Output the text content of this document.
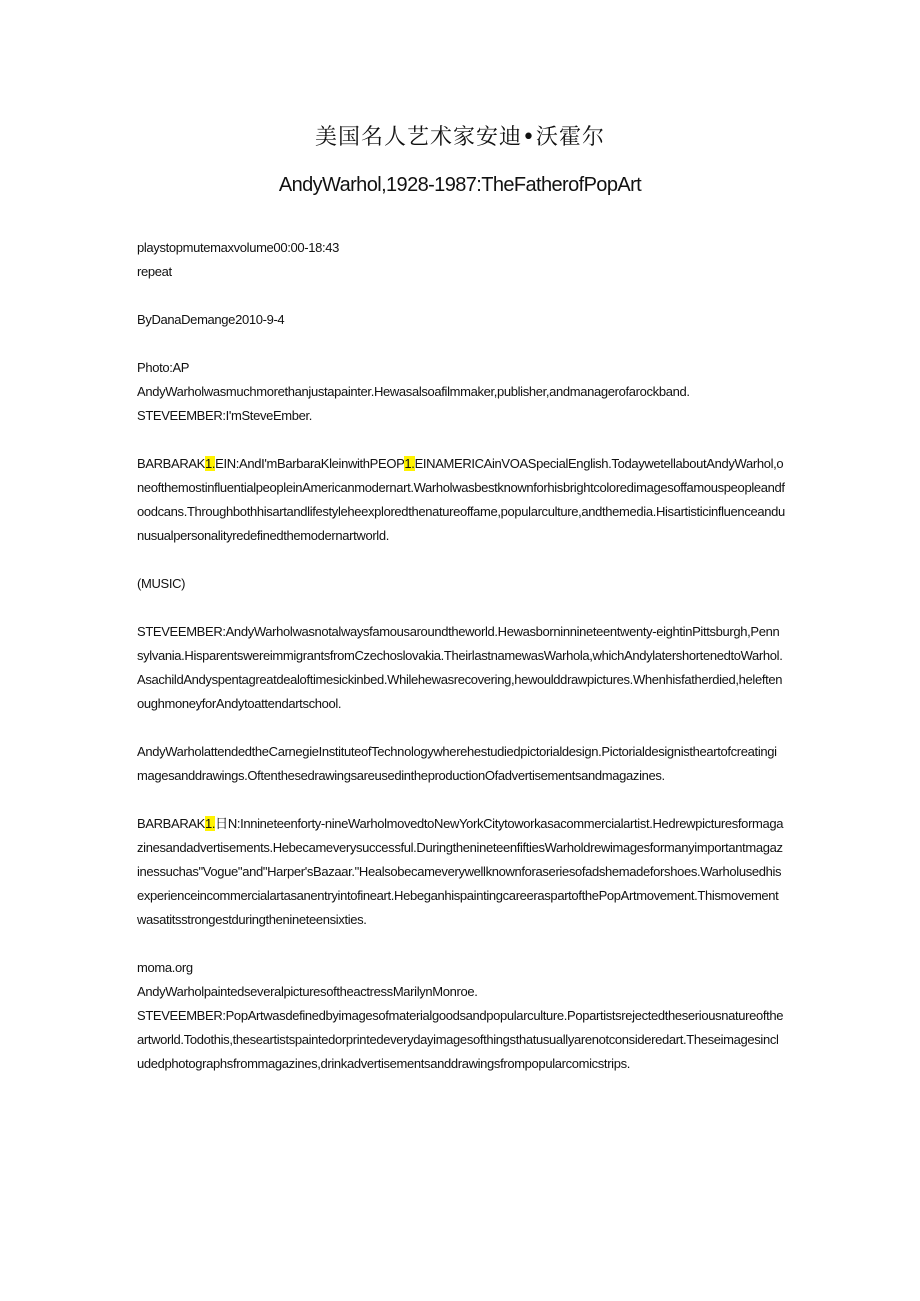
美国名人艺术家安迪•沃霍尔
AndyWarhol,1928-1987:TheFatherofPopArt

playstopmutemaxvolume00:00-18:43
repeat

ByDanaDemange2010-9-4

Photo:AP

AndyWarholwasmuchmorethanjustapainter.Hewasalsoafilmmaker,publisher,andmanagerofarockband.

STEVEEMBER:I'mSteveEmber.

BARBARAK1.EIN:AndI'mBarbaraKleinwithPEOP1.EINAMERICAinVOASpecialEnglish.TodaywetellaboutAndyWarhol,oneofthemostinfluentialpeopleinAmericanmodernart.Warholwasbestknownforhisbrightcoloredimagesoffamouspeopleandfoodcans.Throughbothhisartandlifestyleheexploredthenatureoffame,popularculture,andthemedia.Hisartisticinfluenceandunusualpersonalityredefinedthemodernartworld.

(MUSIC)

STEVEEMBER:AndyWarholwasnotalwaysfamousaroundtheworld.Hewasborninnineteentwenty-eightinPittsburgh,Pennsylvania.HisparentswereimmigrantsfromCzechoslovakia.TheirlastnamewasWarhola,whichAndylatershortenedtoWarhol.AsachildAndyspentagreatdealoftimesickinbed.Whilehewasrecovering,hewoulddrawpictures.Whenhisfatherdied,heleftenoughmoneyforAndytoattendartschool.

AndyWarholattendedtheCarnegieInstituteofTechnologywherehestudiedpictorialdesign.Pictorialdesignistheartofcreatingimagesanddrawings.OftenthesedrawingsareusedintheproductionOfadvertisementsandmagazines.

BARBARAK1.日N:Innineteenforty-nineWarholmovedtoNewYorkCitytoworkasacommercialartist.Hedrewpicturesformagazinesandadvertisements.Hebecameverysuccessful.DuringthenineteenfiftiesWarholdrewimagesformanyimportantmagazinessuchas"Vogue"and"Harper'sBazaar."Healsobecameverywellknownforaseriesofadshemadeforshoes.Warholusedhisexperienceincommercialartasanentryintofineart.HebeganhispaintingcareeraspartofthePopArtmovement.Thismovementwasatitsstrongestduringthenineteensixties.

moma.org

AndyWarholpaintedseveralpicturesoftheactressMarilynMonroe.

STEVEEMBER:PopArtwasdefinedbyimagesofmaterialgoodsandpopularculture.Popartistsrejectedtheseriousnatureoftheartworld.Todothis,theseartistspaintedorprintedeverydayimagesofthingsthatusuallyarenotconsideredart.Theseimagesincludedphotographsfrommagazines,drinkadvertisementsanddrawingsfrompopularcomicstrips.
